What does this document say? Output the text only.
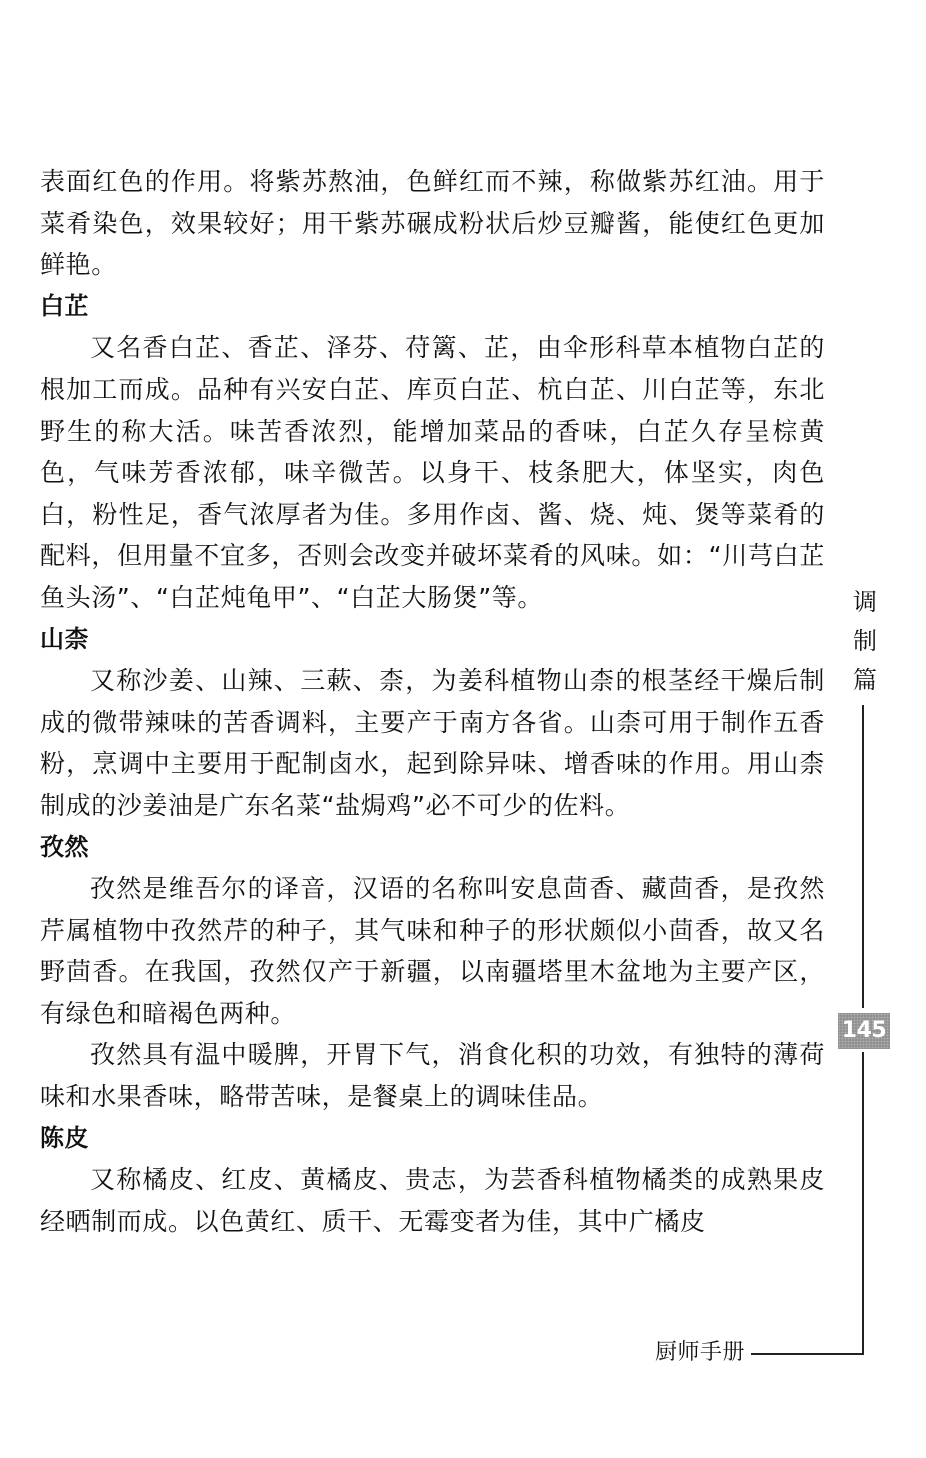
表面红色的作用。将紫苏熬油，色鲜红而不辣，称做紫苏红油。用于菜肴染色，效果较好；用干紫苏碾成粉状后炒豆瓣酱，能使红色更加鲜艳。

白芷

又名香白芷、香芷、泽芬、苻篱、芷，由伞形科草本植物白芷的根加工而成。品种有兴安白芷、库页白芷、杭白芷、川白芷等，东北野生的称大活。味苦香浓烈，能增加菜品的香味，白芷久存呈棕黄色，气味芳香浓郁，味辛微苦。以身干、枝条肥大，体坚实，肉色白，粉性足，香气浓厚者为佳。多用作卤、酱、烧、炖、煲等菜肴的配料，但用量不宜多，否则会改变并破坏菜肴的风味。如：“川芎白芷鱼头汤”、“白芷炖龟甲”、“白芷大肠煲”等。

山柰

又称沙姜、山辣、三蔌、柰，为姜科植物山柰的根茎经干燥后制成的微带辣味的苦香调料，主要产于南方各省。山柰可用于制作五香粉，烹调中主要用于配制卤水，起到除异味、增香味的作用。用山柰制成的沙姜油是广东名菜“盐焗鸡”必不可少的佐料。

孜然

孜然是维吾尔的译音，汉语的名称叫安息茴香、藏茴香，是孜然芹属植物中孜然芹的种子，其气味和种子的形状颇似小茴香，故又名野茴香。在我国，孜然仅产于新疆，以南疆塔里木盆地为主要产区，有绿色和暗褐色两种。

孜然具有温中暖脾，开胃下气，消食化积的功效，有独特的薄荷味和水果香味，略带苦味，是餐桌上的调味佳品。

陈皮

又称橘皮、红皮、黄橘皮、贵志，为芸香科植物橘类的成熟果皮经晒制而成。以色黄红、质干、无霉变者为佳，其中广橘皮

调
制
篇
145
厨师手册
